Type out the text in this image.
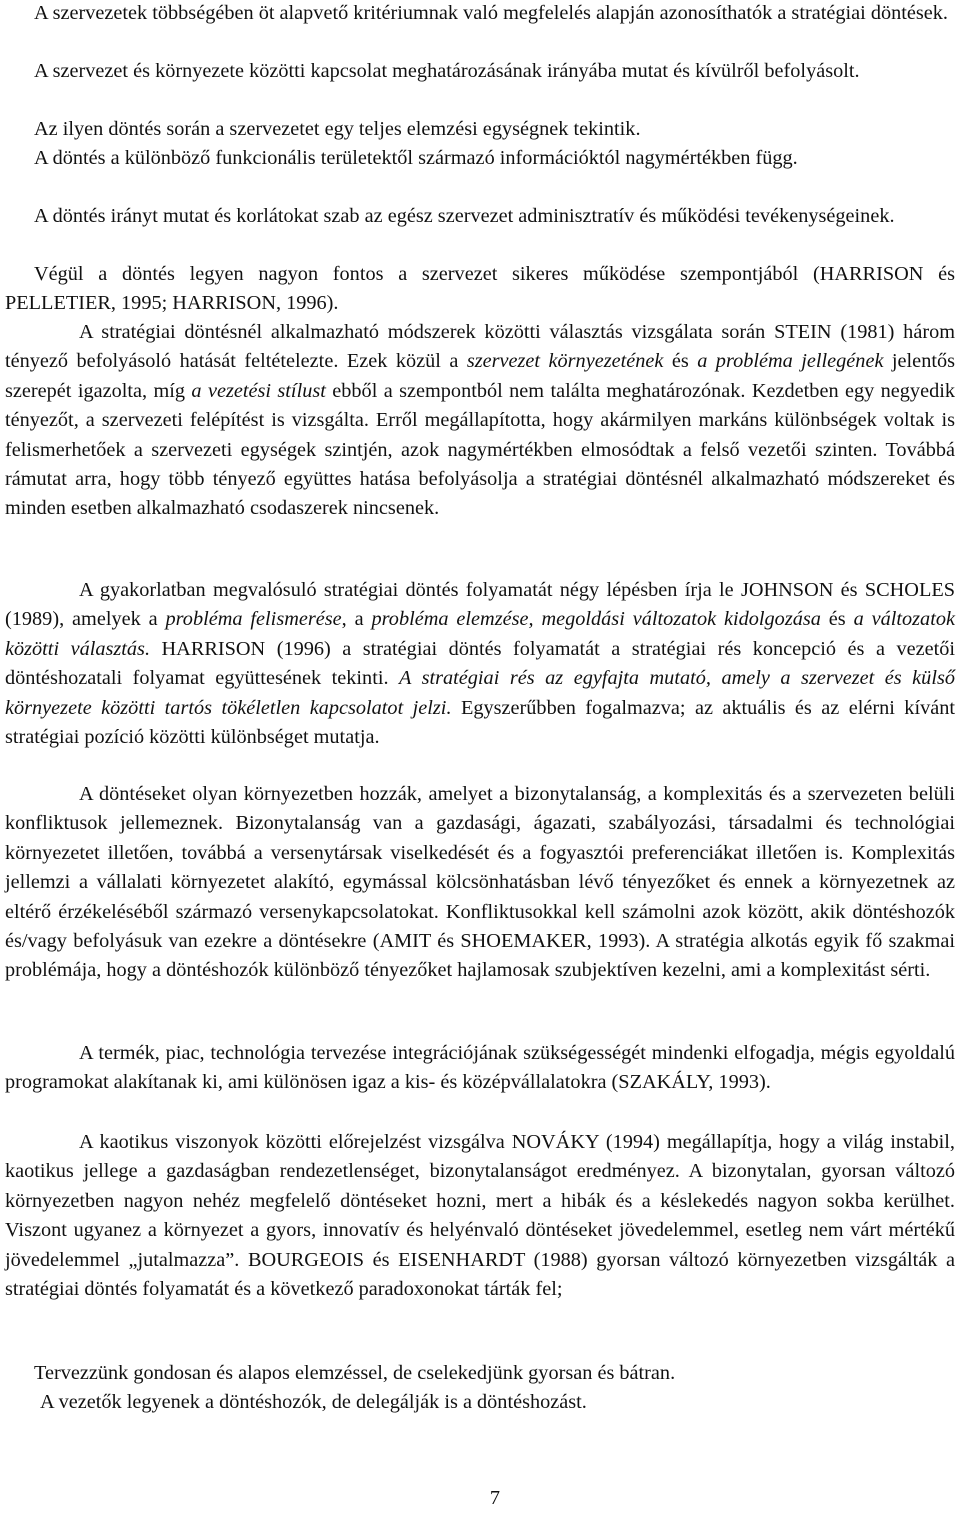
A szervezetek többségében öt alapvető kritériumnak való megfelelés alapján azonosíthatók a stratégiai döntések.

A szervezet és környezete közötti kapcsolat meghatározásának irányába mutat és kívülről befolyásolt.

Az ilyen döntés során a szervezetet egy teljes elemzési egységnek tekintik.

A döntés a különböző funkcionális területektől származó információktól nagymértékben függ.

A döntés irányt mutat és korlátokat szab az egész szervezet adminisztratív és működési tevékenységeinek.

Végül a döntés legyen nagyon fontos a szervezet sikeres működése szempontjából (HARRISON és PELLETIER, 1995; HARRISON, 1996).

A stratégiai döntésnél alkalmazható módszerek közötti választás vizsgálata során STEIN (1981) három tényező befolyásoló hatását feltételezte. Ezek közül a szervezet környezetének és a probléma jellegének jelentős szerepét igazolta, míg a vezetési stílust ebből a szempontból nem találta meghatározónak. Kezdetben egy negyedik tényezőt, a szervezeti felépítést is vizsgálta. Erről megállapította, hogy akármilyen markáns különbségek voltak is felismerhetőek a szervezeti egységek szintjén, azok nagymértékben elmosódtak a felső vezetői szinten. Továbbá rámutat arra, hogy több tényező együttes hatása befolyásolja a stratégiai döntésnél alkalmazható módszereket és minden esetben alkalmazható csodaszerek nincsenek.

A gyakorlatban megvalósuló stratégiai döntés folyamatát négy lépésben írja le JOHNSON és SCHOLES (1989), amelyek a probléma felismerése, a probléma elemzése, megoldási változatok kidolgozása és a változatok közötti választás. HARRISON (1996) a stratégiai döntés folyamatát a stratégiai rés koncepció és a vezetői döntéshozatali folyamat együttesének tekinti. A stratégiai rés az egyfajta mutató, amely a szervezet és külső környezete közötti tartós tökéletlen kapcsolatot jelzi. Egyszerűbben fogalmazva; az aktuális és az elérni kívánt stratégiai pozíció közötti különbséget mutatja.

A döntéseket olyan környezetben hozzák, amelyet a bizonytalanság, a komplexitás és a szervezeten belüli konfliktusok jellemeznek. Bizonytalanság van a gazdasági, ágazati, szabályozási, társadalmi és technológiai környezetet illetően, továbbá a versenytársak viselkedését és a fogyasztói preferenciákat illetően is. Komplexitás jellemzi a vállalati környezetet alakító, egymással kölcsönhatásban lévő tényezőket és ennek a környezetnek az eltérő érzékeléséből származó versenykapcsolatokat. Konfliktusokkal kell számolni azok között, akik döntéshozók és/vagy befolyásuk van ezekre a döntésekre (AMIT és SHOEMAKER, 1993). A stratégia alkotás egyik fő szakmai problémája, hogy a döntéshozók különböző tényezőket hajlamosak szubjektíven kezelni, ami a komplexitást sérti.

A termék, piac, technológia tervezése integrációjának szükségességét mindenki elfogadja, mégis egyoldalú programokat alakítanak ki, ami különösen igaz a kis- és középvállalatokra (SZAKÁLY, 1993).

A kaotikus viszonyok közötti előrejelzést vizsgálva NOVÁKY (1994) megállapítja, hogy a világ instabil, kaotikus jellege a gazdaságban rendezetlenséget, bizonytalanságot eredményez. A bizonytalan, gyorsan változó környezetben nagyon nehéz megfelelő döntéseket hozni, mert a hibák és a késlekedés nagyon sokba kerülhet. Viszont ugyanez a környezet a gyors, innovatív és helyénvaló döntéseket jövedelemmel, esetleg nem várt mértékű jövedelemmel „jutalmazza”. BOURGEOIS és EISENHARDT (1988) gyorsan változó környezetben vizsgálták a stratégiai döntés folyamatát és a következő paradoxonokat tárták fel;

Tervezzünk gondosan és alapos elemzéssel, de cselekedjünk gyorsan és bátran.

A vezetők legyenek a döntéshozók, de delegálják is a döntéshozást.

7
